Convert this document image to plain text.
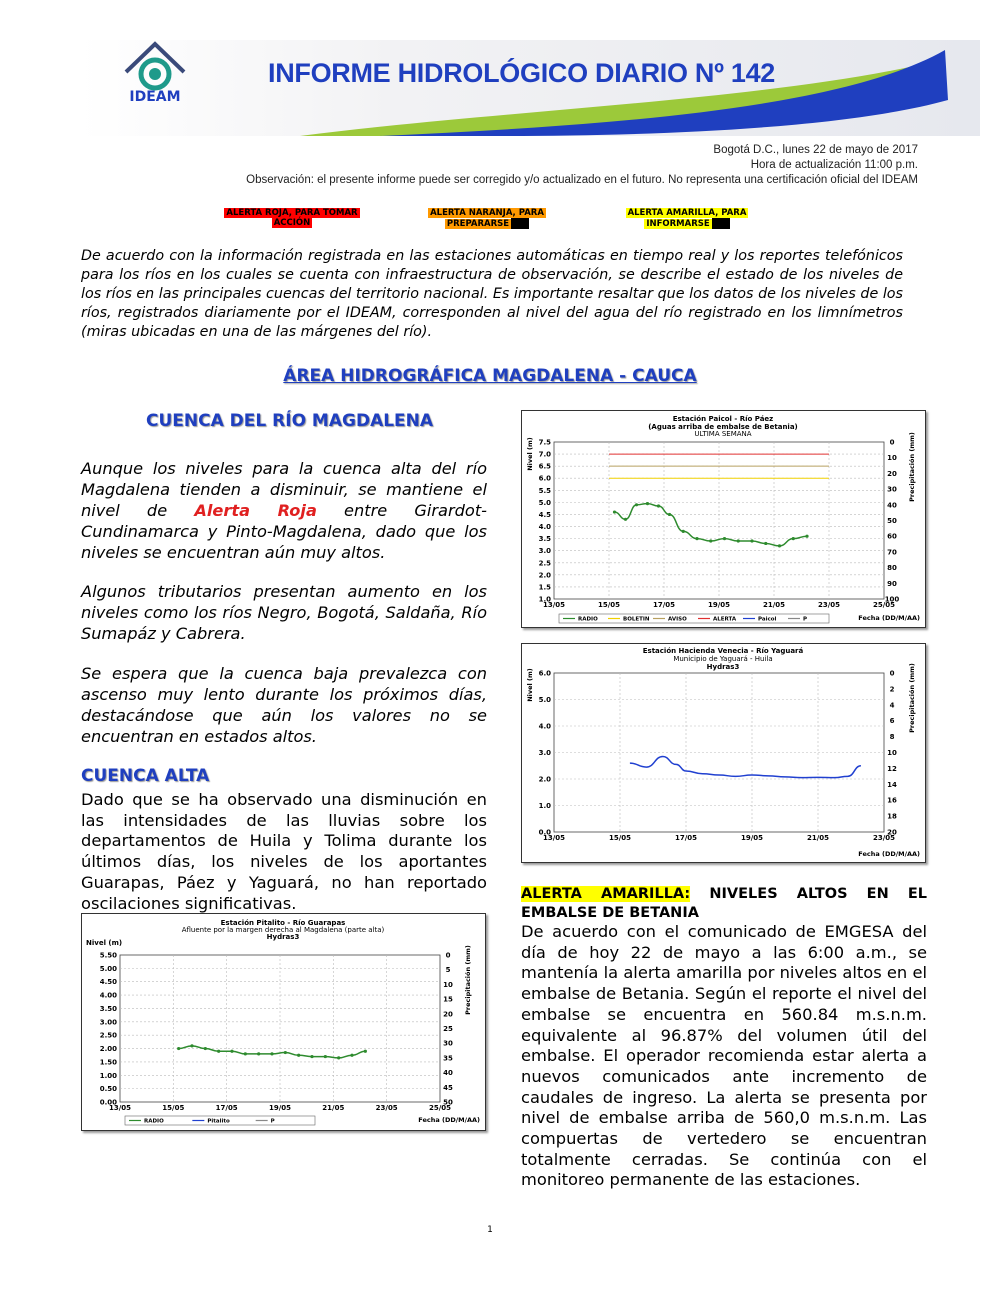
IDEAM
INFORME HIDROLÓGICO DIARIO Nº 142
Bogotá D.C., lunes 22 de mayo de 2017
Hora de actualización 11:00 p.m.
Observación: el presente informe puede ser corregido y/o actualizado en el futuro. No representa una certificación oficial del IDEAM
ALERTA ROJA, PARA TOMAR
ACCIÓN
ALERTA NARANJA, PARA
PREPARARSE
ALERTA AMARILLA, PARA
INFORMARSE
De acuerdo con la información registrada en las estaciones automáticas en tiempo real y los reportes telefónicos para los ríos en los cuales se cuenta con infraestructura de observación, se describe el estado de los niveles de los ríos en las principales cuencas del territorio nacional. Es importante resaltar que los datos de los niveles de los ríos, registrados diariamente por el IDEAM, corresponden al nivel del agua del río registrado en los limnímetros (miras ubicadas en una de las márgenes del río).
ÁREA HIDROGRÁFICA MAGDALENA - CAUCA
CUENCA DEL RÍO MAGDALENA
Aunque los niveles para la cuenca alta del río Magdalena tienden a disminuir, se mantiene el nivel de Alerta Roja entre Girardot-Cundinamarca y Pinto-Magdalena, dado que los niveles se encuentran aún muy altos.
Algunos tributarios presentan aumento en los niveles como los ríos Negro, Bogotá, Saldaña, Río Sumapáz y Cabrera.
Se espera que la cuenca baja prevalezca con ascenso muy lento durante los próximos días, destacándose que aún los valores no se encuentran en estados altos.
CUENCA ALTA
Dado que se ha observado una disminución en las intensidades de las lluvias sobre los departamentos de Huila y Tolima durante los últimos días, los niveles de los aportantes Guarapas, Páez y Yaguará, no han reportado oscilaciones significativas.	ALERTA AMARILLA: NIVELES ALTOS EN EL EMBALSE DE BETANIA
De acuerdo con el comunicado de EMGESA del día de hoy 22 de mayo a las 6:00 a.m., se mantenía la alerta amarilla por niveles altos en el embalse de Betania. Según el reporte el nivel del embalse se encuentra en 560.84 m.s.n.m. equivalente al 96.87% del volumen útil del embalse. El operador recomienda estar alerta a nuevos comunicados ante incremento de caudales de ingreso. La alerta se presenta por nivel de embalse arriba de 560,0 m.s.n.m. Las compuertas de vertedero se encuentran totalmente cerradas. Se continúa con el monitoreo permanente de las estaciones.
1
Estación Paicol - Río Páez
(Aguas arriba de embalse de Betania)
ULTIMA SEMANA
7.5
7.0
6.5
6.0
5.5
5.0
4.5
4.0
3.5
3.0
2.5
2.0
1.5
1.0
0
10
20
30
40
50
60
70
80
90
100
13/05	15/05	17/05	19/05	21/05	23/05	25/05
Nivel (m)	Precipitación (mm)
Fecha (DD/M/AA)
RADIO	BOLETIN	AVISO	ALERTA	Paicol	P
Estación Hacienda Venecia - Río Yaguará
Municipio de Yaguará - Huila
Hydras3
6.0
5.0
4.0
3.0
2.0
1.0
0.0
0
2
4
6
8
10
12
14
16
18
20
13/05	15/05	17/05	19/05	21/05	23/05
Nivel (m)	Precipitación (mm)
Fecha (DD/M/AA)
Estación Pitalito - Río Guarapas
Afluente por la margen derecha al Magdalena (parte alta)
Hydras3
5.50
5.00
4.50
4.00
3.50
3.00
2.50
2.00
1.50
1.00
0.50
0.00
0
5
10
15
20
25
30
35
40
45
50
13/05	15/05	17/05	19/05	21/05	23/05	25/05
Nivel (m)
Precipitación (mm)
Fecha (DD/M/AA)
RADIO	Pitalito	P
